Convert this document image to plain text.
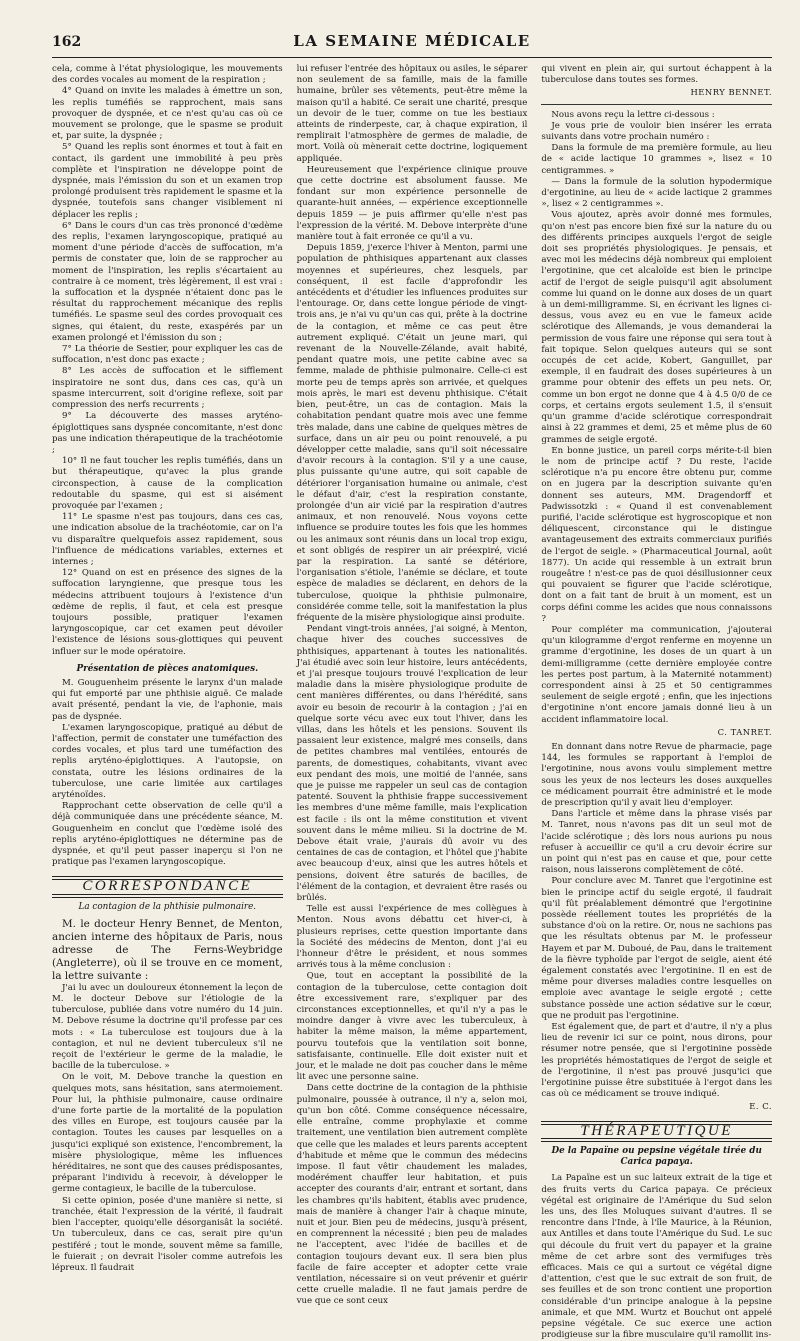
162	LA SEMAINE MÉDICALE

cela, comme à l'état physiologique, les mouvements des cordes vocales au moment de la respiration ;

4° Quand on invite les malades à émettre un son, les replis tuméfiés se rapprochent, mais sans provoquer de dyspnée, et ce n'est qu'au cas où ce mouvement se prolonge, que le spasme se produit et, par suite, la dyspnée ;

5° Quand les replis sont énormes et tout à fait en contact, ils gardent une immobilité à peu près complète et l'inspiration ne développe point de dyspnée, mais l'émission du son et un examen trop prolongé produisent très rapidement le spasme et la dyspnée, toutefois sans changer visiblement ni déplacer les replis ;

6° Dans le cours d'un cas très prononcé d'œdème des replis, l'examen laryngoscopique, pratiqué au moment d'une période d'accès de suffocation, m'a permis de constater que, loin de se rapprocher au moment de l'inspiration, les replis s'écartaient au contraire à ce moment, très légèrement, il est vrai : la suffocation et la dyspnée n'étaient donc pas le résultat du rapprochement mécanique des replis tuméfiés. Le spasme seul des cordes provoquait ces signes, qui étaient, du reste, exaspérés par un examen prolongé et l'émission du son ;

7° La théorie de Sestier, pour expliquer les cas de suffocation, n'est donc pas exacte ;

8° Les accès de suffocation et le sifflement inspiratoire ne sont dus, dans ces cas, qu'à un spasme intercurrent, soit d'origine reflexe, soit par compression des nerfs recurrents ;

9° La découverte des masses aryténo-épiglottiques sans dyspnée concomitante, n'est donc pas une indication thérapeutique de la trachéotomie ;

10° Il ne faut toucher les replis tuméfiés, dans un but thérapeutique, qu'avec la plus grande circonspection, à cause de la complication redoutable du spasme, qui est si aisément provoquée par l'examen ;

11° Le spasme n'est pas toujours, dans ces cas, une indication absolue de la trachéotomie, car on l'a vu disparaître quelquefois assez rapidement, sous l'influence de médications variables, externes et internes ;

12° Quand on est en présence des signes de la suffocation laryngienne, que presque tous les médecins attribuent toujours à l'existence d'un œdème de replis, il faut, et cela est presque toujours possible, pratiquer l'examen laryngoscopique, car cet examen peut dévoiler l'existence de lésions sous-glottiques qui peuvent influer sur le mode opératoire.

Présentation de pièces anatomiques.

M. Gouguenheim présente le larynx d'un malade qui fut emporté par une phthisie aiguë. Ce malade avait présenté, pendant la vie, de l'aphonie, mais pas de dyspnée.

L'examen laryngoscopique, pratiqué au début de l'affection, permit de constater une tuméfaction des cordes vocales, et plus tard une tuméfaction des replis aryténo-épiglottiques. A l'autopsie, on constata, outre les lésions ordinaires de la tuberculose, une carie limitée aux cartilages aryténoïdes.

Rapprochant cette observation de celle qu'il a déjà communiquée dans une précédente séance, M. Gouguenheim en conclut que l'œdème isolé des replis aryténo-épiglottiques ne détermine pas de dyspnée, et qu'il peut passer inaperçu si l'on ne pratique pas l'examen laryngoscopique.

CORRESPONDANCE
La contagion de la phthisie pulmonaire.

M. le docteur Henry Bennet, de Menton, ancien interne des hôpitaux de Paris, nous adresse de The Ferns-Weybridge (Angleterre), où il se trouve en ce moment, la lettre suivante :

J'ai lu avec un douloureux étonnement la leçon de M. le docteur Debove sur l'étiologie de la tuberculose, publiée dans votre numéro du 14 juin. M. Debove résume la doctrine qu'il professe par ces mots : « La tuberculose est toujours due à la contagion, et nul ne devient tuberculeux s'il ne reçoit de l'extérieur le germe de la maladie, le bacille de la tuberculose. »

On le voit, M. Debove tranche la question en quelques mots, sans hésitation, sans atermoiement. Pour lui, la phthisie pulmonaire, cause ordinaire d'une forte partie de la mortalité de la population des villes en Europe, est toujours causée par la contagion. Toutes les causes par lesquelles on a jusqu'ici expliqué son existence, l'encombrement, la misère physiologique, même les influences héréditaires, ne sont que des causes prédisposantes, préparant l'individu à recevoir, à développer le germe contagieux, le bacille de la tuberculose.

Si cette opinion, posée d'une manière si nette, si tranchée, était l'expression de la vérité, il faudrait bien l'accepter, quoiqu'elle désorganisât la société. Un tuberculeux, dans ce cas, serait pire qu'un pestiféré ; tout le monde, souvent même sa famille, le fuierait ; on devrait l'isoler comme autrefois les lépreux. Il faudrait

lui refuser l'entrée des hôpitaux ou asiles, le séparer non seulement de sa famille, mais de la famille humaine, brûler ses vêtements, peut-être même la maison qu'il a habité. Ce serait une charité, presque un devoir de le tuer, comme on tue les bestiaux atteints de rinderpeste, car, à chaque expiration, il remplirait l'atmosphère de germes de maladie, de mort. Voilà où mènerait cette doctrine, logiquement appliquée.

Heureusement que l'expérience clinique prouve que cette doctrine est absolument fausse. Me fondant sur mon expérience personnelle de quarante-huit années, — expérience exceptionnelle depuis 1859 — je puis affirmer qu'elle n'est pas l'expression de la vérité. M. Debove interprète d'une manière tout à fait erronée ce qu'il a vu.

Depuis 1859, j'exerce l'hiver à Menton, parmi une population de phthisiques appartenant aux classes moyennes et supérieures, chez lesquels, par conséquent, il est facile d'approfondir les antécédents et d'étudier les influences produites sur l'entourage. Or, dans cette longue période de vingt-trois ans, je n'ai vu qu'un cas qui, prête à la doctrine de la contagion, et même ce cas peut être autrement expliqué. C'était un jeune mari, qui revenant de la Nouvelle-Zélande, avait habité, pendant quatre mois, une petite cabine avec sa femme, malade de phthisie pulmonaire. Celle-ci est morte peu de temps après son arrivée, et quelques mois après, le mari est devenu phthisique. C'était bien, peut-être, un cas de contagion. Mais la cohabitation pendant quatre mois avec une femme très malade, dans une cabine de quelques mètres de surface, dans un air peu ou point renouvelé, a pu développer cette maladie, sans qu'il soit nécessaire d'avoir recours à la contagion. S'il y a une cause, plus puissante qu'une autre, qui soit capable de détériorer l'organisation humaine ou animale, c'est le défaut d'air, c'est la respiration constante, prolongée d'un air vicié par la respiration d'autres animaux, et non renouvelé. Nous voyons cette influence se produire toutes les fois que les hommes ou les animaux sont réunis dans un local trop exigu, et sont obligés de respirer un air préexpiré, vicié par la respiration. La santé se détériore, l'organisation s'étiole, l'anémie se déclare, et toute espèce de maladies se déclarent, en dehors de la tuberculose, quoique la phthisie pulmonaire, considérée comme telle, soit la manifestation la plus fréquente de la misère physiologique ainsi produite.

Pendant vingt-trois années, j'ai soigné, à Menton, chaque hiver des couches successives de phthisiques, appartenant à toutes les nationalités. J'ai étudié avec soin leur histoire, leurs antécédents, et j'ai presque toujours trouvé l'explication de leur maladie dans la misère physiologique produite de cent manières différentes, ou dans l'hérédité, sans avoir eu besoin de recourir à la contagion ; j'ai en quelque sorte vécu avec eux tout l'hiver, dans les villas, dans les hôtels et les pensions. Souvent ils passaient leur existence, malgré mes conseils, dans de petites chambres mal ventilées, entourés de parents, de domestiques, cohabitants, vivant avec eux pendant des mois, une moitié de l'année, sans que je puisse me rappeler un seul cas de contagion patenté. Souvent la phthisie frappe successivement les membres d'une même famille, mais l'explication est facile : ils ont la même constitution et vivent souvent dans le même milieu. Si la doctrine de M. Debove était vraie, j'aurais dû avoir vu des centaines de cas de contagion, et l'hôtel que j'habite avec beaucoup d'eux, ainsi que les autres hôtels et pensions, doivent être saturés de bacilles, de l'élément de la contagion, et devraient être rasés ou brûlés.

Telle est aussi l'expérience de mes collègues à Menton. Nous avons débattu cet hiver-ci, à plusieurs reprises, cette question importante dans la Société des médecins de Menton, dont j'ai eu l'honneur d'être le président, et nous sommes arrivés tous à la même conclusion :

Que, tout en acceptant la possibilité de la contagion de la tuberculose, cette contagion doit être excessivement rare, s'expliquer par des circonstances exceptionnelles, et qu'il n'y a pas le moindre danger à vivre avec les tuberculeux, à habiter la même maison, la même appartement, pourvu toutefois que la ventilation soit bonne, satisfaisante, continuelle. Elle doit exister nuit et jour, et le malade ne doit pas coucher dans le même lit avec une personne saine.

Dans cette doctrine de la contagion de la phthisie pulmonaire, poussée à outrance, il n'y a, selon moi, qu'un bon côté. Comme conséquence nécessaire, elle entraîne, comme prophylaxie et comme traitement, une ventilation bien autrement complète que celle que les malades et leurs parents acceptent d'habitude et même que le commun des médecins impose. Il faut vêtir chaudement les malades, modérément chauffer leur habitation, et puis accepter des courants d'air, entrant et sortant, dans les chambres qu'ils habitent, établis avec prudence, mais de manière à changer l'air à chaque minute, nuit et jour. Bien peu de médecins, jusqu'à présent, en comprennent la nécessité ; bien peu de malades ne l'acceptent, avec l'idée de bacilles et de contagion toujours devant eux. Il sera bien plus facile de faire accepter et adopter cette vraie ventilation, nécessaire si on veut prévenir et guérir cette cruelle maladie. Il ne faut jamais perdre de vue que ce sont ceux

qui vivent en plein air, qui surtout échappent à la tuberculose dans toutes ses formes.

HENRY BENNET.

Nous avons reçu la lettre ci-dessous :

Je vous prie de vouloir bien insérer les errata suivants dans votre prochain numéro :

Dans la formule de ma première formule, au lieu de « acide lactique 10 grammes », lisez « 10 centigrammes. »

— Dans la formule de la solution hypodermique d'ergotinine, au lieu de « acide lactique 2 grammes », lisez « 2 centigrammes ».

Vous ajoutez, après avoir donné mes formules, qu'on n'est pas encore bien fixé sur la nature du ou des différents principes auxquels l'ergot de seigle doit ses propriétés physiologiques. Je pensais, et avec moi les médecins déjà nombreux qui emploient l'ergotinine, que cet alcaloïde est bien le principe actif de l'ergot de seigle puisqu'il agit absolument comme lui quand on le donne aux doses de un quart à un demi-milligramme. Si, en écrivant les lignes ci-dessus, vous avez eu en vue le fameux acide sclérotique des Allemands, je vous demanderai la permission de vous faire une réponse qui sera tout à fait topique. Selon quelques auteurs qui se sont occupés de cet acide, Kobert, Ganguillet, par exemple, il en faudrait des doses supérieures à un gramme pour obtenir des effets un peu nets. Or, comme un bon ergot ne donne que 4 à 4.5 0/0 de ce corps, et certains ergots seulement 1.5, il s'ensuit qu'un gramme d'acide sclérotique correspondrait ainsi à 22 grammes et demi, 25 et même plus de 60 grammes de seigle ergoté.

En bonne justice, un pareil corps mérite-t-il bien le nom de principe actif ? Du reste, l'acide sclérotique n'a pu encore être obtenu pur, comme on en jugera par la description suivante qu'en donnent ses auteurs, MM. Dragendorff et Padwissotzki : « Quand il est convenablement purifié, l'acide sclérotique est hygroscopique et non déliquescent, circonstance qui le distingue avantageusement des extraits commerciaux purifiés de l'ergot de seigle. » (Pharmaceutical Journal, août 1877). Un acide qui ressemble à un extrait brun rougeâtre ! n'est-ce pas de quoi désillusionner ceux qui pouvaient se figurer que l'acide sclérotique, dont on a fait tant de bruit à un moment, est un corps défini comme les acides que nous connaissons ?

Pour compléter ma communication, j'ajouterai qu'un kilogramme d'ergot renferme en moyenne un gramme d'ergotinine, les doses de un quart à un demi-milligramme (cette dernière employée contre les pertes post partum, à la Maternité notamment) correspondent ainsi à 25 et 50 centigrammes seulement de seigle ergoté ; enfin, que les injections d'ergotinine n'ont encore jamais donné lieu à un accident inflammatoire local.

C. TANRET.

En donnant dans notre Revue de pharmacie, page 144, les formules se rapportant à l'emploi de l'ergotinine, nous avons voulu simplement mettre sous les yeux de nos lecteurs les doses auxquelles ce médicament pourrait être administré et le mode de prescription qu'il y avait lieu d'employer.

Dans l'article et même dans la phrase visés par M. Tanret, nous n'avons pas dit un seul mot de l'acide sclérotique ; dès lors nous aurions pu nous refuser à accueillir ce qu'il a cru devoir écrire sur un point qui n'est pas en cause et que, pour cette raison, nous laisserons complètement de côté.

Pour conclure avec M. Tanret que l'ergotinine est bien le principe actif du seigle ergoté, il faudrait qu'il fût préalablement démontré que l'ergotinine possède réellement toutes les propriétés de la substance d'où on la retire. Or, nous ne sachions pas que les résultats obtenus par M. le professeur Hayem et par M. Duboué, de Pau, dans le traitement de la fièvre typhoïde par l'ergot de seigle, aient été également constatés avec l'ergotinine. Il en est de même pour diverses maladies contre lesquelles on emploie avec avantage le seigle ergoté ; cette substance possède une action sédative sur le cœur, que ne produit pas l'ergotinine.

Est également que, de part et d'autre, il n'y a plus lieu de revenir ici sur ce point, nous dirons, pour résumer notre pensée, que si l'ergotinine possède les propriétés hémostatiques de l'ergot de seigle et de l'ergotinine, il n'est pas prouvé jusqu'ici que l'ergotinine puisse être substituée à l'ergot dans les cas où ce médicament se trouve indiqué.

E. C.
THÉRAPEUTIQUE
De la Papaïne ou pepsine végétale tirée du Carica papaya.

La Papaïne est un suc laiteux extrait de la tige et des fruits verts du Carica papaya. Ce précieux végétal est originaire de l'Amérique du Sud selon les uns, des îles Moluques suivant d'autres. Il se rencontre dans l'Inde, à l'île Maurice, à la Réunion, aux Antilles et dans toute l'Amérique du Sud. Le suc qui découle du fruit vert du papayer et la graine même de cet arbre sont des vermifuges très efficaces. Mais ce qui a surtout ce végétal digne d'attention, c'est que le suc extrait de son fruit, de ses feuilles et de son tronc contient une proportion considérable d'un principe analogue à la pepsine animale, et que MM. Wurtz et Bouchut ont appelé pepsine végétale. Ce suc exerce une action prodigieuse sur la fibre musculaire qu'il ramollit ins-
